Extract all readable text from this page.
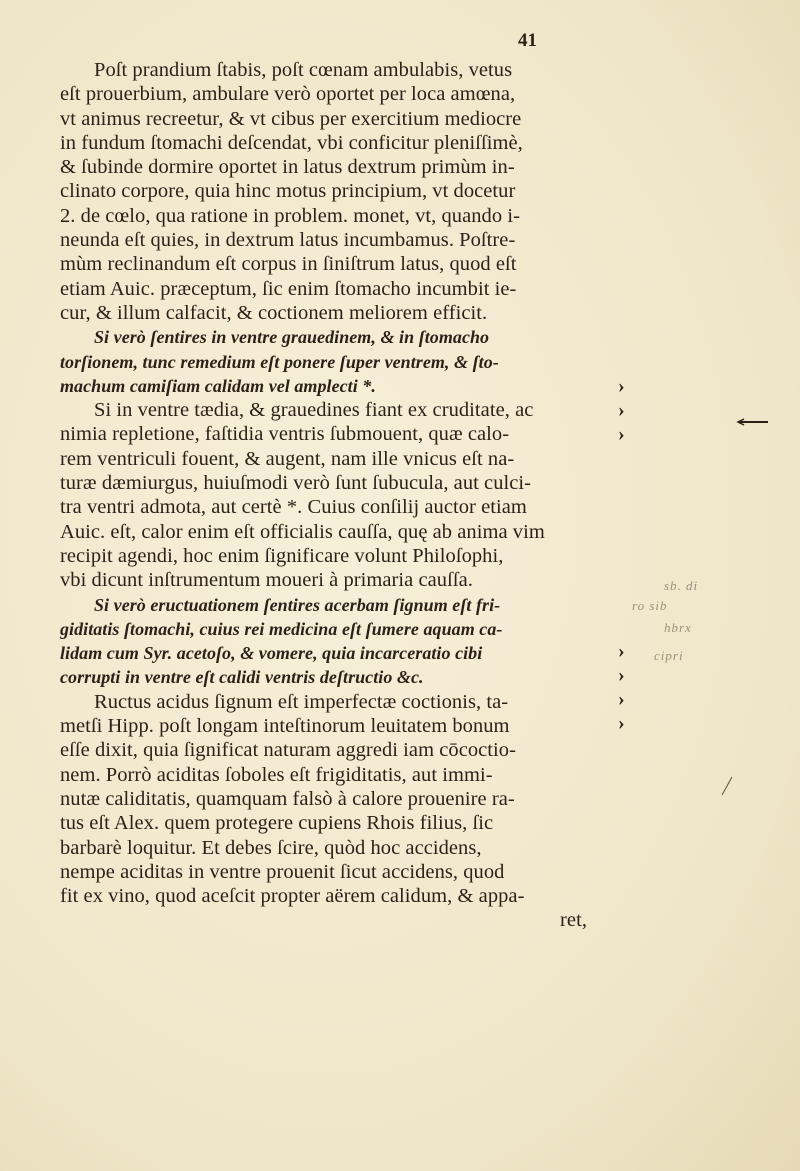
41
Poſt prandium ſtabis, poſt cœnam ambulabis, vetus
eſt prouerbium, ambulare verò oportet per loca amœna,
vt animus recreetur, & vt cibus per exercitium mediocre
in fundum ſtomachi deſcendat, vbi conficitur pleniſſimè,
& ſubinde dormire oportet in latus dextrum primùm in-
clinato corpore, quia hinc motus principium, vt docetur
2. de cœlo, qua ratione in problem. monet, vt, quando i-
neunda eſt quies, in dextrum latus incumbamus. Poſtre-
mùm reclinandum eſt corpus in ſiniſtrum latus, quod eſt
etiam Auic. præceptum, ſic enim ſtomacho incumbit ie-
cur, & illum calfacit, & coctionem meliorem efficit.
Si verò ſentires in ventre grauedinem, & in ſtomacho
torſionem, tunc remedium eſt ponere ſuper ventrem, & ſto-
machum camiſiam calidam vel amplecti *.
Si in ventre tædia, & grauedines fiant ex cruditate, ac
nimia repletione, faſtidia ventris ſubmouent, quæ calo-
rem ventriculi fouent, & augent, nam ille vnicus eſt na-
turæ dæmiurgus, huiuſmodi verò ſunt ſubucula, aut culci-
tra ventri admota, aut certè *. Cuius conſilij auctor etiam
Auic. eſt, calor enim eſt officialis cauſſa, quę ab anima vim
recipit agendi, hoc enim ſignificare volunt Philoſophi,
vbi dicunt inſtrumentum moueri à primaria cauſſa.
Si verò eructuationem ſentires acerbam ſignum eſt fri-
giditatis ſtomachi, cuius rei medicina eſt ſumere aquam ca-
lidam cum Syr. acetoſo, & vomere, quia incarceratio cibi
corrupti in ventre eſt calidi ventris deſtructio &c.
Ructus acidus ſignum eſt imperfectæ coctionis, ta-
metſi Hipp. poſt longam inteſtinorum leuitatem bonum
eſſe dixit, quia ſignificat naturam aggredi iam cōcoctio-
nem. Porrò aciditas ſoboles eſt frigiditatis, aut immi-
nutæ caliditatis, quamquam falsò à calore prouenire ra-
tus eſt Alex. quem protegere cupiens Rhois filius, ſic
barbarè loquitur. Et debes ſcire, quòd hoc accidens,
nempe aciditas in ventre prouenit ſicut accidens, quod
fit ex vino, quod aceſcit propter aërem calidum, & appa-
ret,
›
›
›
›
›
›
›
sb. di
ro sib
hbrx
cipri
